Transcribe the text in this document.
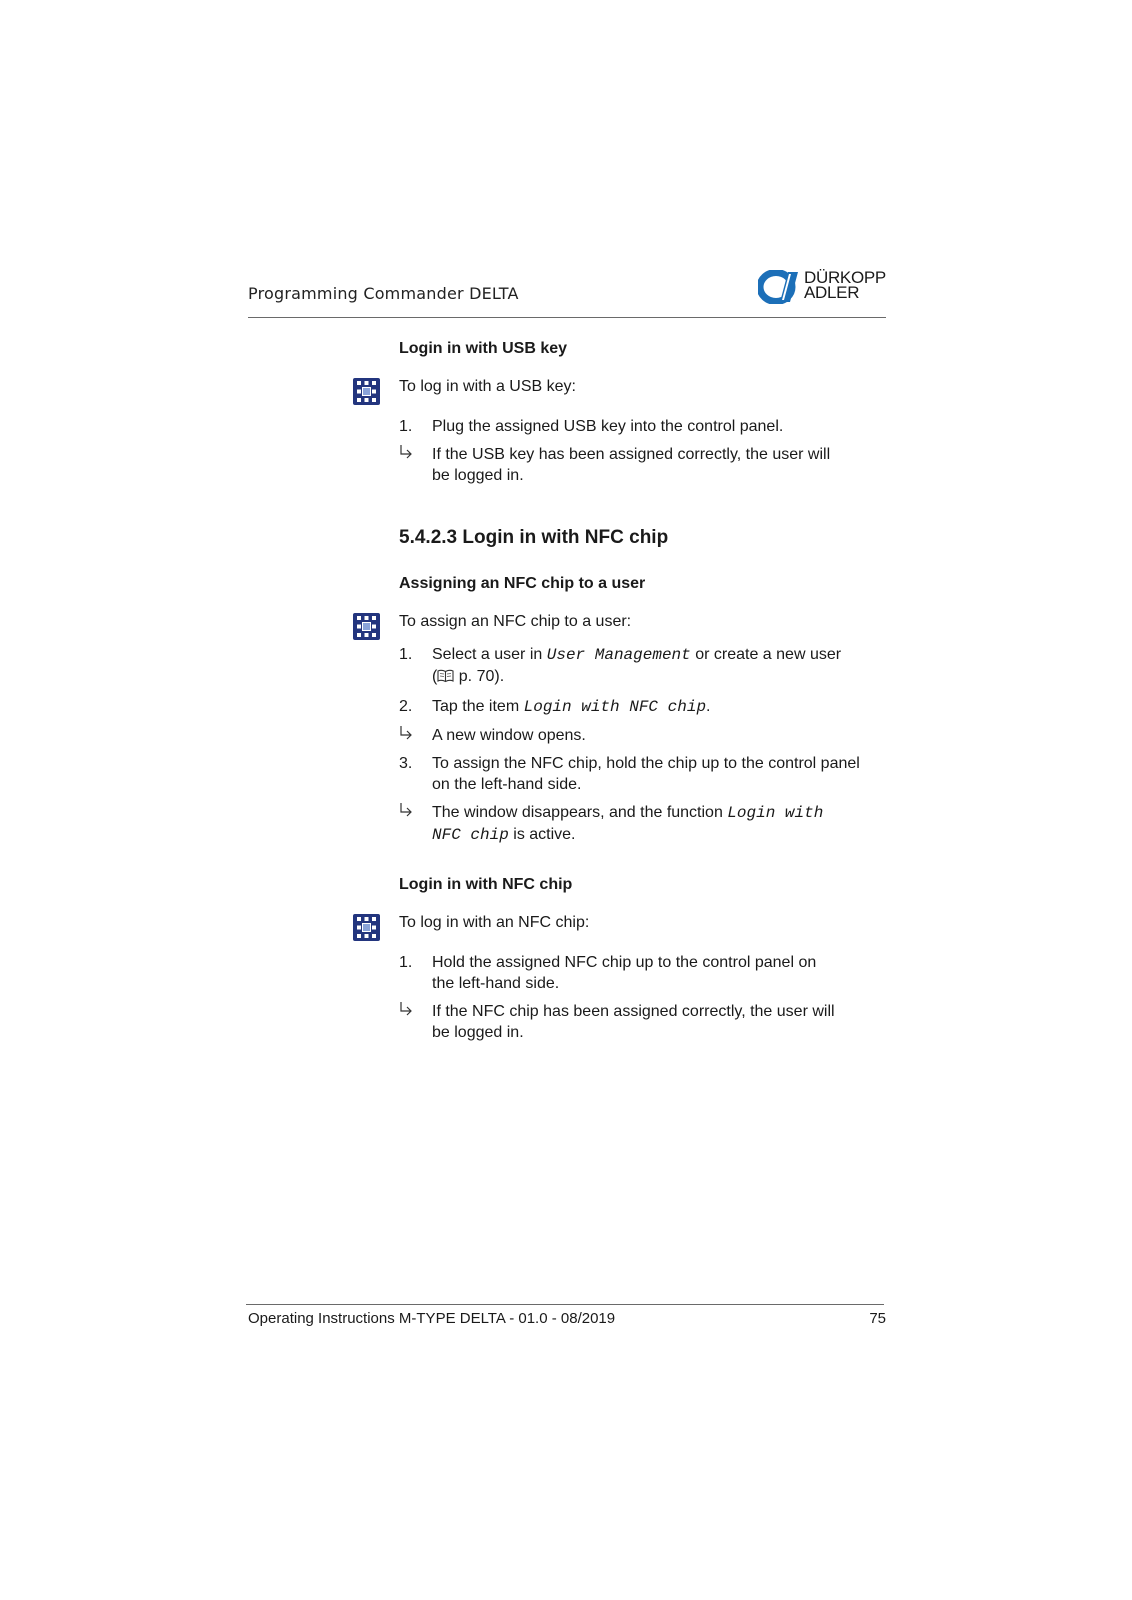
Programming Commander DELTA
DÜRKOPP
ADLER

Login in with USB key

To log in with a USB key:

1. Plug the assigned USB key into the control panel.

If the USB key has been assigned correctly, the user will
be logged in.

5.4.2.3 Login in with NFC chip

Assigning an NFC chip to a user

To assign an NFC chip to a user:

1. Select a user in User Management or create a new user
( p. 70).

2. Tap the item Login with NFC chip.

A new window opens.

3. To assign the NFC chip, hold the chip up to the control panel
on the left-hand side.

The window disappears, and the function Login with
NFC chip is active.

Login in with NFC chip

To log in with an NFC chip:

1. Hold the assigned NFC chip up to the control panel on
the left-hand side.

If the NFC chip has been assigned correctly, the user will
be logged in.

Operating Instructions M-TYPE DELTA - 01.0 - 08/2019	75
